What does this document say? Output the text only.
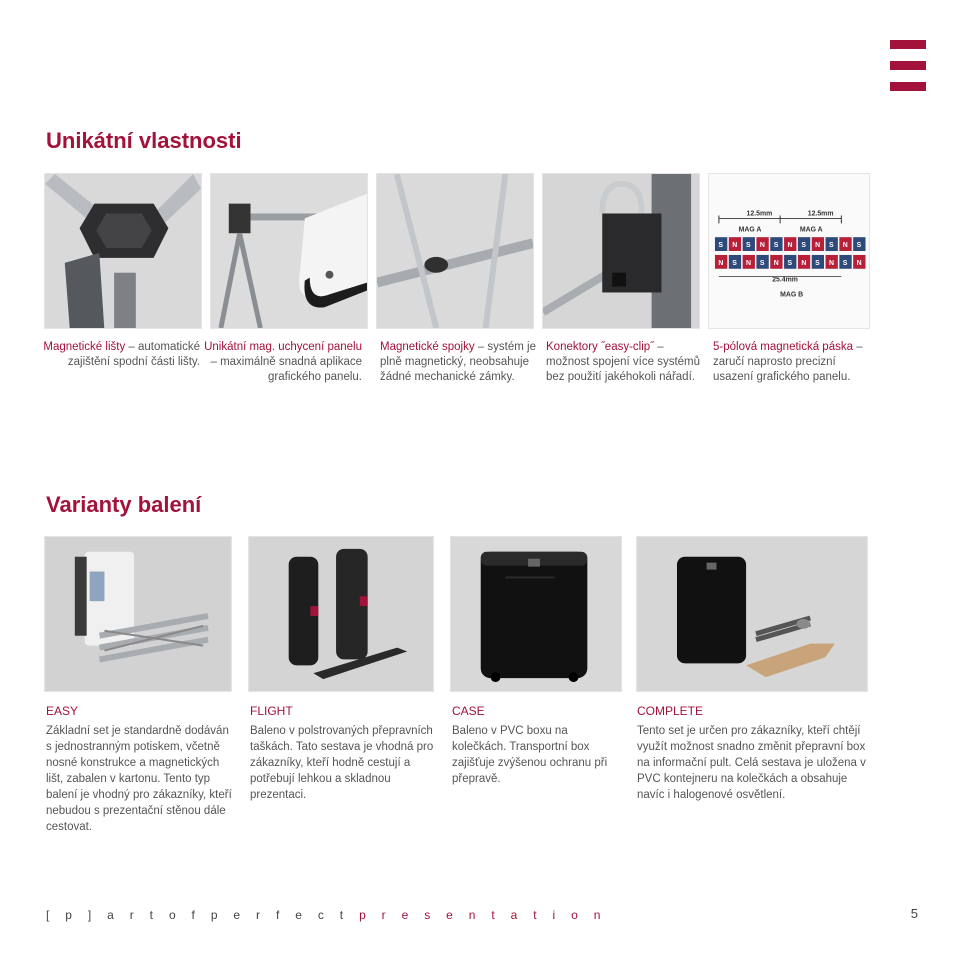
Unikátní vlastnosti
12.5mm	12.5mm
MAG A	MAG A
S N S N S N S N S N S
N S N S N S N S N S N
25.4mm
MAG B
Magnetické lišty – automatické zajištění spodní části lišty.
Unikátní mag. uchycení panelu – maximálně snadná aplikace grafického panelu.
Magnetické spojky – systém je plně magnetický, neobsahuje žádné mechanické zámky.
Konektory ˝easy-clip˝ – možnost spojení více systémů bez použití jakéhokoli nářadí.
5-pólová magnetická páska – zaručí naprosto precizní usazení grafického panelu.
Varianty balení
EASY
Základní set je standardně dodáván s jednostranným potiskem, včetně nosné konstrukce a magnetických lišt, zabalen v kartonu. Tento typ balení je vhodný pro zákazníky, kteří nebudou s prezentační stěnou dále cestovat.
FLIGHT
Baleno v polstrovaných přepravních taškách. Tato sestava je vhodná pro zákazníky, kteří hodně cestují a potřebují lehkou a skladnou prezentaci.
CASE
Baleno v PVC boxu na kolečkách. Transportní box zajišťuje zvýšenou ochranu při přepravě.
COMPLETE
Tento set je určen pro zákazníky, kteří chtějí využít možnost snadno změnit přepravní box na informační pult. Celá sestava je uložena v PVC kontejneru na kolečkách a obsahuje navíc i halogenové osvětlení.
[ p ] a r t o f p e r f e c t p r e s e n t a t i o n	5
